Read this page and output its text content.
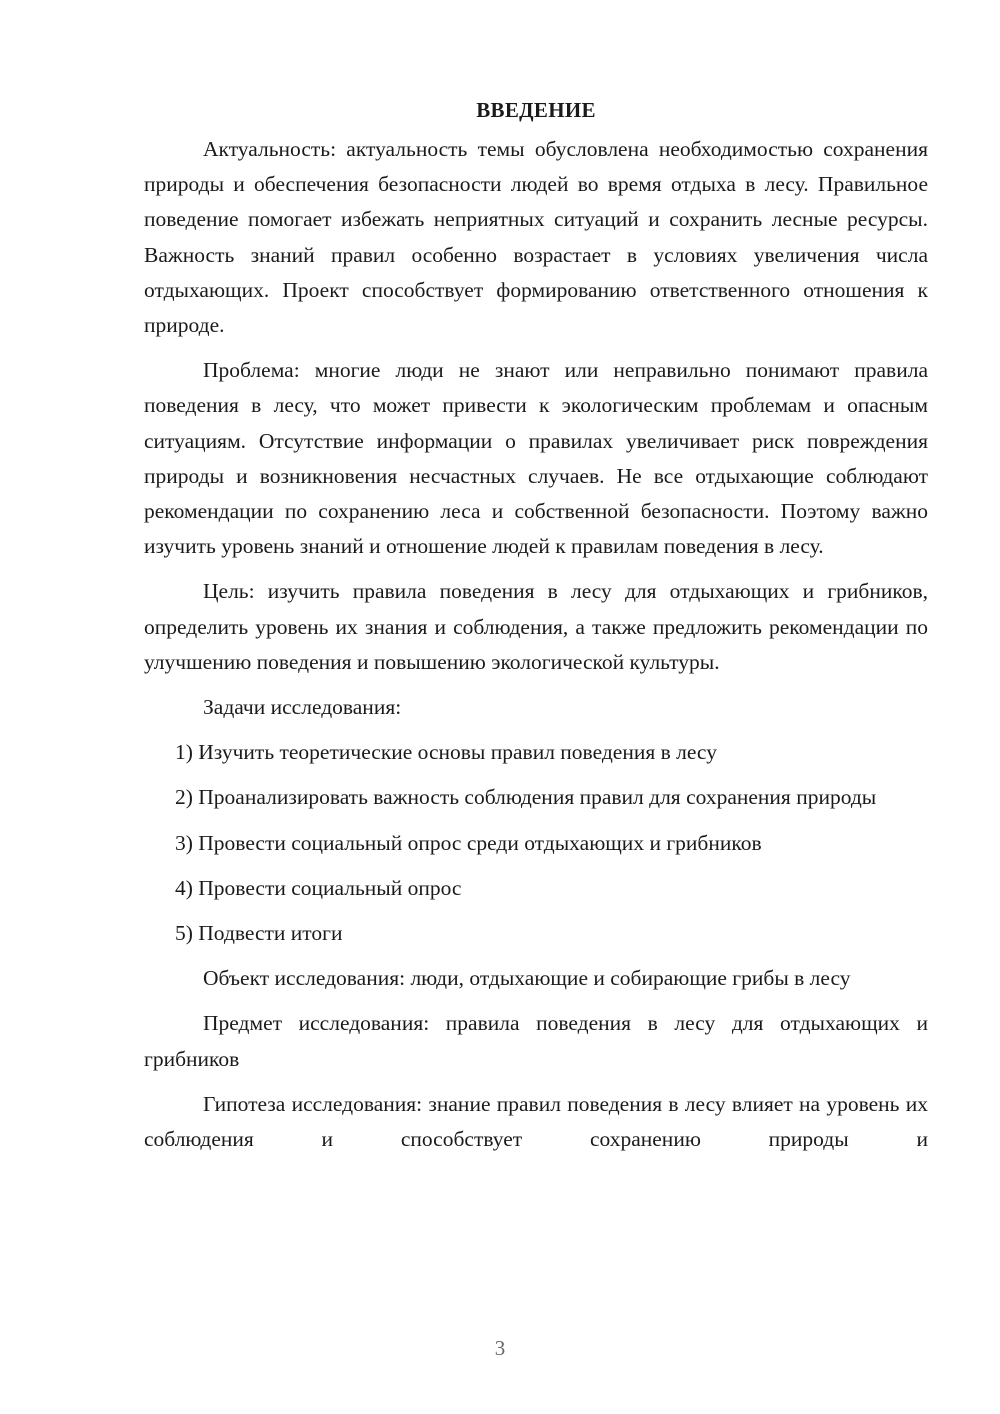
ВВЕДЕНИЕ

Актуальность: актуальность темы обусловлена необходимостью сохранения природы и обеспечения безопасности людей во время отдыха в лесу. Правильное поведение помогает избежать неприятных ситуаций и сохранить лесные ресурсы. Важность знаний правил особенно возрастает в условиях увеличения числа отдыхающих. Проект способствует формированию ответственного отношения к природе.

Проблема: многие люди не знают или неправильно понимают правила поведения в лесу, что может привести к экологическим проблемам и опасным ситуациям. Отсутствие информации о правилах увеличивает риск повреждения природы и возникновения несчастных случаев. Не все отдыхающие соблюдают рекомендации по сохранению леса и собственной безопасности. Поэтому важно изучить уровень знаний и отношение людей к правилам поведения в лесу.

Цель: изучить правила поведения в лесу для отдыхающих и грибников, определить уровень их знания и соблюдения, а также предложить рекомендации по улучшению поведения и повышению экологической культуры.

Задачи исследования:

1) Изучить теоретические основы правил поведения в лесу

2) Проанализировать важность соблюдения правил для сохранения природы

3) Провести социальный опрос среди отдыхающих и грибников

4) Провести социальный опрос

5) Подвести итоги

Объект исследования: люди, отдыхающие и собирающие грибы в лесу

Предмет исследования: правила поведения в лесу для отдыхающих и грибников

Гипотеза исследования: знание правил поведения в лесу влияет на уровень их соблюдения и способствует сохранению природы и

3
